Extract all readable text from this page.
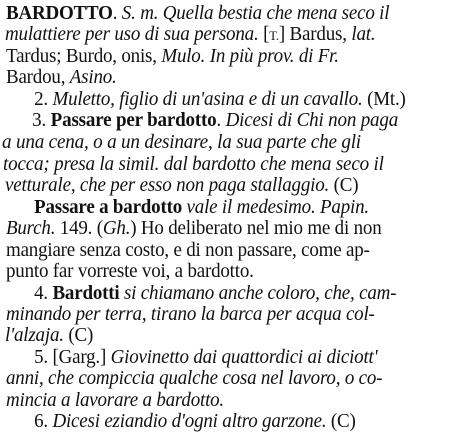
BARDOTTO. S. m. Quella bestia che mena seco il
mulattiere per uso di sua persona. [T.] Bardus, lat.
Tardus; Burdo, onis, Mulo. In più prov. di Fr.
Bardou, Asino.
  2. Muletto, figlio di un'asina e di un cavallo. (Mt.)
  3. Passare per bardotto. Dicesi di Chi non paga
a una cena, o a un desinare, la sua parte che gli
tocca; presa la simil. dal bardotto che mena seco il
vetturale, che per esso non paga stallaggio. (C)
  Passare a bardotto vale il medesimo. Papin.
Burch. 149. (Gh.) Ho deliberato nel mio me di non
mangiare senza costo, e di non passare, come ap-
punto far vorreste voi, a bardotto.
  4. Bardotti si chiamano anche coloro, che, cam-
minando per terra, tirano la barca per acqua col-
l'alzaja. (C)
  5. [Garg.] Giovinetto dai quattordici ai diciott'
anni, che compiccia qualche cosa nel lavoro, o co-
mincia a lavorare a bardotto.
  6. Dicesi eziandio d'ogni altro garzone. (C)
